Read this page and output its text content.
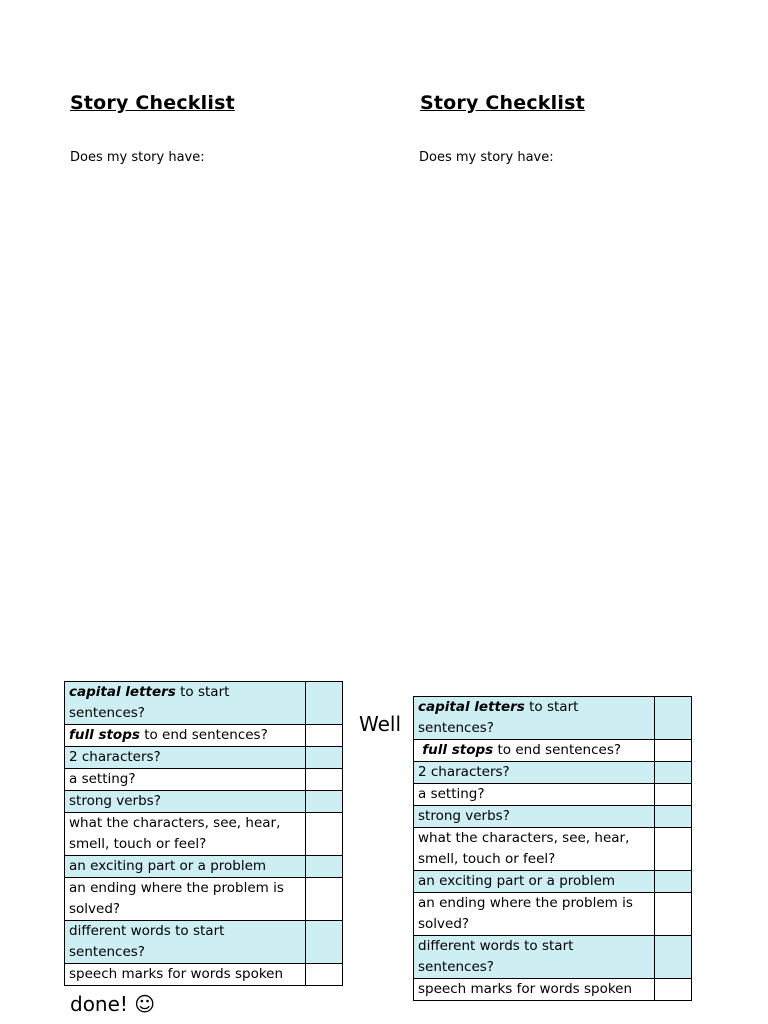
Story Checklist	Story Checklist
Does my story have:	Does my story have:
capital letters to start sentences?	
full stops to end sentences?	
2 characters?	
a setting?	
strong verbs?	
what the characters, see, hear, smell, touch or feel?	
an exciting part or a problem	
an ending where the problem is solved?	
different words to start sentences?	
speech marks for words spoken	
Well
done! ☺
capital letters to start sentences?	
full stops to end sentences?	
2 characters?	
a setting?	
strong verbs?	
what the characters, see, hear, smell, touch or feel?	
an exciting part or a problem	
an ending where the problem is solved?	
different words to start sentences?	
speech marks for words spoken	
